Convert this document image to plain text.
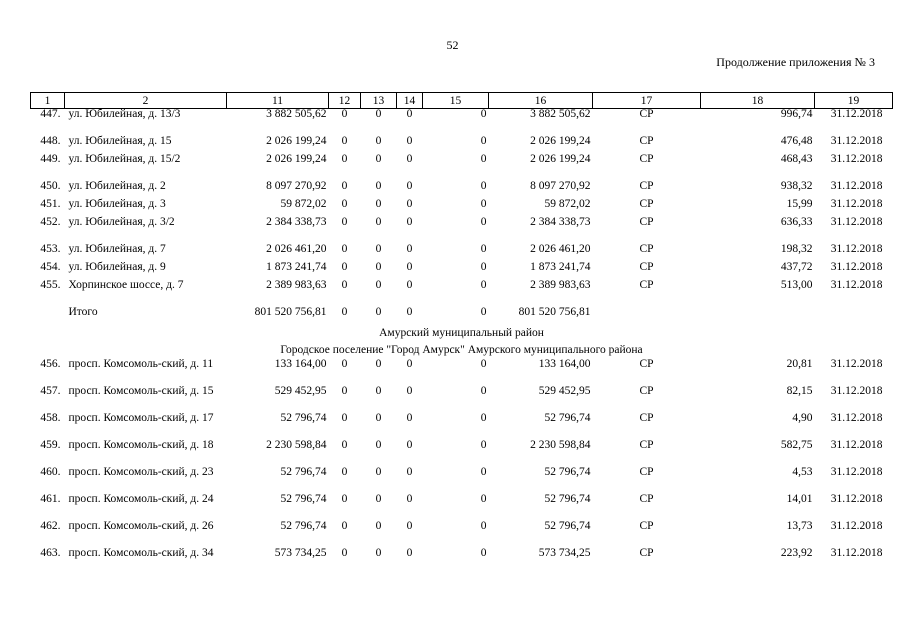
52
Продолжение приложения № 3
1	2	11	12	13	14	15	16	17	18	19
447.	ул. Юбилейная, д. 13/3	3 882 505,62	0	0	0	0	3 882 505,62	СР	996,74	31.12.2018
448.	ул. Юбилейная, д. 15	2 026 199,24	0	0	0	0	2 026 199,24	СР	476,48	31.12.2018
449.	ул. Юбилейная, д. 15/2	2 026 199,24	0	0	0	0	2 026 199,24	СР	468,43	31.12.2018
450.	ул. Юбилейная, д. 2	8 097 270,92	0	0	0	0	8 097 270,92	СР	938,32	31.12.2018
451.	ул. Юбилейная, д. 3	59 872,02	0	0	0	0	59 872,02	СР	15,99	31.12.2018
452.	ул. Юбилейная, д. 3/2	2 384 338,73	0	0	0	0	2 384 338,73	СР	636,33	31.12.2018
453.	ул. Юбилейная, д. 7	2 026 461,20	0	0	0	0	2 026 461,20	СР	198,32	31.12.2018
454.	ул. Юбилейная, д. 9	1 873 241,74	0	0	0	0	1 873 241,74	СР	437,72	31.12.2018
455.	Хорпинское шоссе, д. 7	2 389 983,63	0	0	0	0	2 389 983,63	СР	513,00	31.12.2018
	Итого	801 520 756,81	0	0	0	0	801 520 756,81			
Амурский муниципальный район										
Городское поселение "Город Амурск" Амурского муниципального района										
456.	просп. Комсомоль-ский, д. 11	133 164,00	0	0	0	0	133 164,00	СР	20,81	31.12.2018
457.	просп. Комсомоль-ский, д. 15	529 452,95	0	0	0	0	529 452,95	СР	82,15	31.12.2018
458.	просп. Комсомоль-ский, д. 17	52 796,74	0	0	0	0	52 796,74	СР	4,90	31.12.2018
459.	просп. Комсомоль-ский, д. 18	2 230 598,84	0	0	0	0	2 230 598,84	СР	582,75	31.12.2018
460.	просп. Комсомоль-ский, д. 23	52 796,74	0	0	0	0	52 796,74	СР	4,53	31.12.2018
461.	просп. Комсомоль-ский, д. 24	52 796,74	0	0	0	0	52 796,74	СР	14,01	31.12.2018
462.	просп. Комсомоль-ский, д. 26	52 796,74	0	0	0	0	52 796,74	СР	13,73	31.12.2018
463.	просп. Комсомоль-ский, д. 34	573 734,25	0	0	0	0	573 734,25	СР	223,92	31.12.2018
